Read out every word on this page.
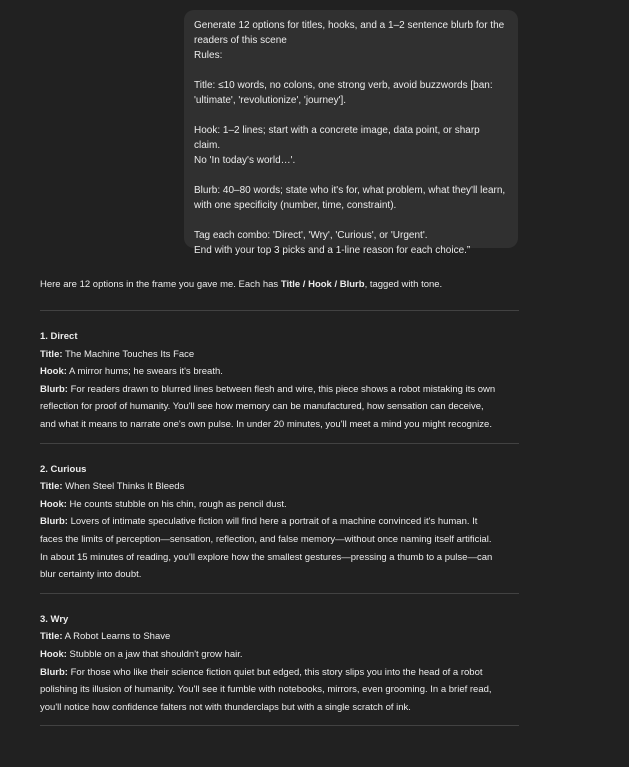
Generate 12 options for titles, hooks, and a 1–2 sentence blurb for the

readers of this scene

Rules:

Title: ≤10 words, no colons, one strong verb, avoid buzzwords [ban:

'ultimate', 'revolutionize', 'journey'].

Hook: 1–2 lines; start with a concrete image, data point, or sharp claim.

No 'In today's world…'.

Blurb: 40–80 words; state who it's for, what problem, what they'll learn,

with one specificity (number, time, constraint).

Tag each combo: 'Direct', 'Wry', 'Curious', or 'Urgent'.

End with your top 3 picks and a 1-line reason for each choice.”

Here are 12 options in the frame you gave me. Each has Title / Hook / Blurb, tagged with tone.

1. Direct

Title: The Machine Touches Its Face

Hook: A mirror hums; he swears it's breath.

Blurb: For readers drawn to blurred lines between flesh and wire, this piece shows a robot mistaking its own

reflection for proof of humanity. You'll see how memory can be manufactured, how sensation can deceive,

and what it means to narrate one's own pulse. In under 20 minutes, you'll meet a mind you might recognize.

2. Curious

Title: When Steel Thinks It Bleeds

Hook: He counts stubble on his chin, rough as pencil dust.

Blurb: Lovers of intimate speculative fiction will find here a portrait of a machine convinced it's human. It

faces the limits of perception—sensation, reflection, and false memory—without once naming itself artificial.

In about 15 minutes of reading, you'll explore how the smallest gestures—pressing a thumb to a pulse—can

blur certainty into doubt.

3. Wry

Title: A Robot Learns to Shave

Hook: Stubble on a jaw that shouldn't grow hair.

Blurb: For those who like their science fiction quiet but edged, this story slips you into the head of a robot

polishing its illusion of humanity. You'll see it fumble with notebooks, mirrors, even grooming. In a brief read,

you'll notice how confidence falters not with thunderclaps but with a single scratch of ink.
